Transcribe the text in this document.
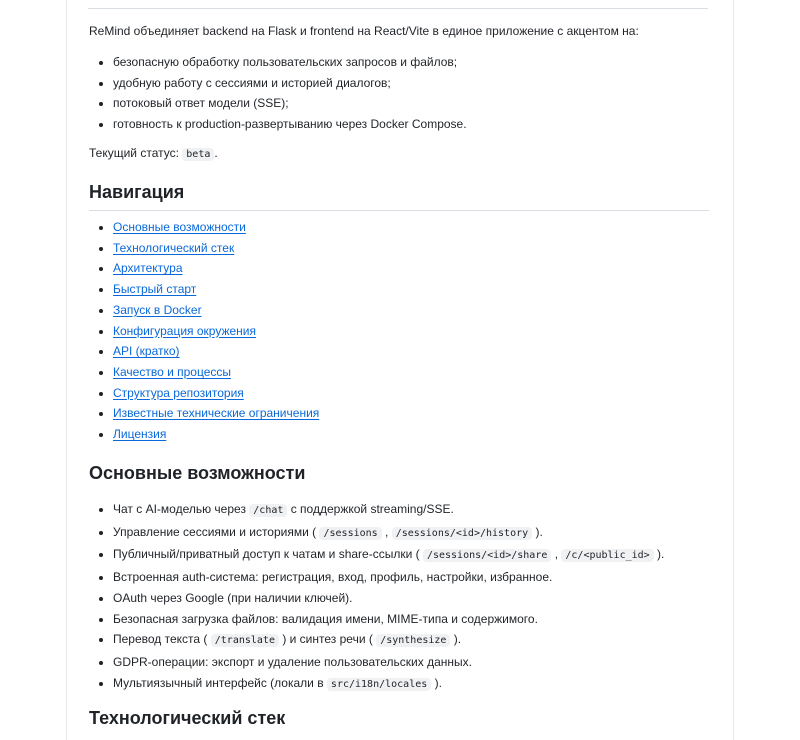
ReMind объединяет backend на Flask и frontend на React/Vite в единое приложение с акцентом на:

• безопасную обработку пользовательских запросов и файлов;
• удобную работу с сессиями и историей диалогов;
• потоковый ответ модели (SSE);
• готовность к production-развертыванию через Docker Compose.

Текущий статус: beta .

Навигация
• Основные возможности
• Технологический стек
• Архитектура
• Быстрый старт
• Запуск в Docker
• Конфигурация окружения
• API (кратко)
• Качество и процессы
• Структура репозитория
• Известные технические ограничения
• Лицензия
Основные возможности
• Чат с AI-моделью через /chat с поддержкой streaming/SSE.
• Управление сессиями и историями ( /sessions , /sessions/<id>/history ).
• Публичный/приватный доступ к чатам и share-ссылки ( /sessions/<id>/share , /c/<public_id> ).
• Встроенная auth-система: регистрация, вход, профиль, настройки, избранное.
• OAuth через Google (при наличии ключей).
• Безопасная загрузка файлов: валидация имени, MIME-типа и содержимого.
• Перевод текста ( /translate ) и синтез речи ( /synthesize ).
• GDPR-операции: экспорт и удаление пользовательских данных.
• Мультиязычный интерфейс (локали в src/i18n/locales ).
Технологический стек
